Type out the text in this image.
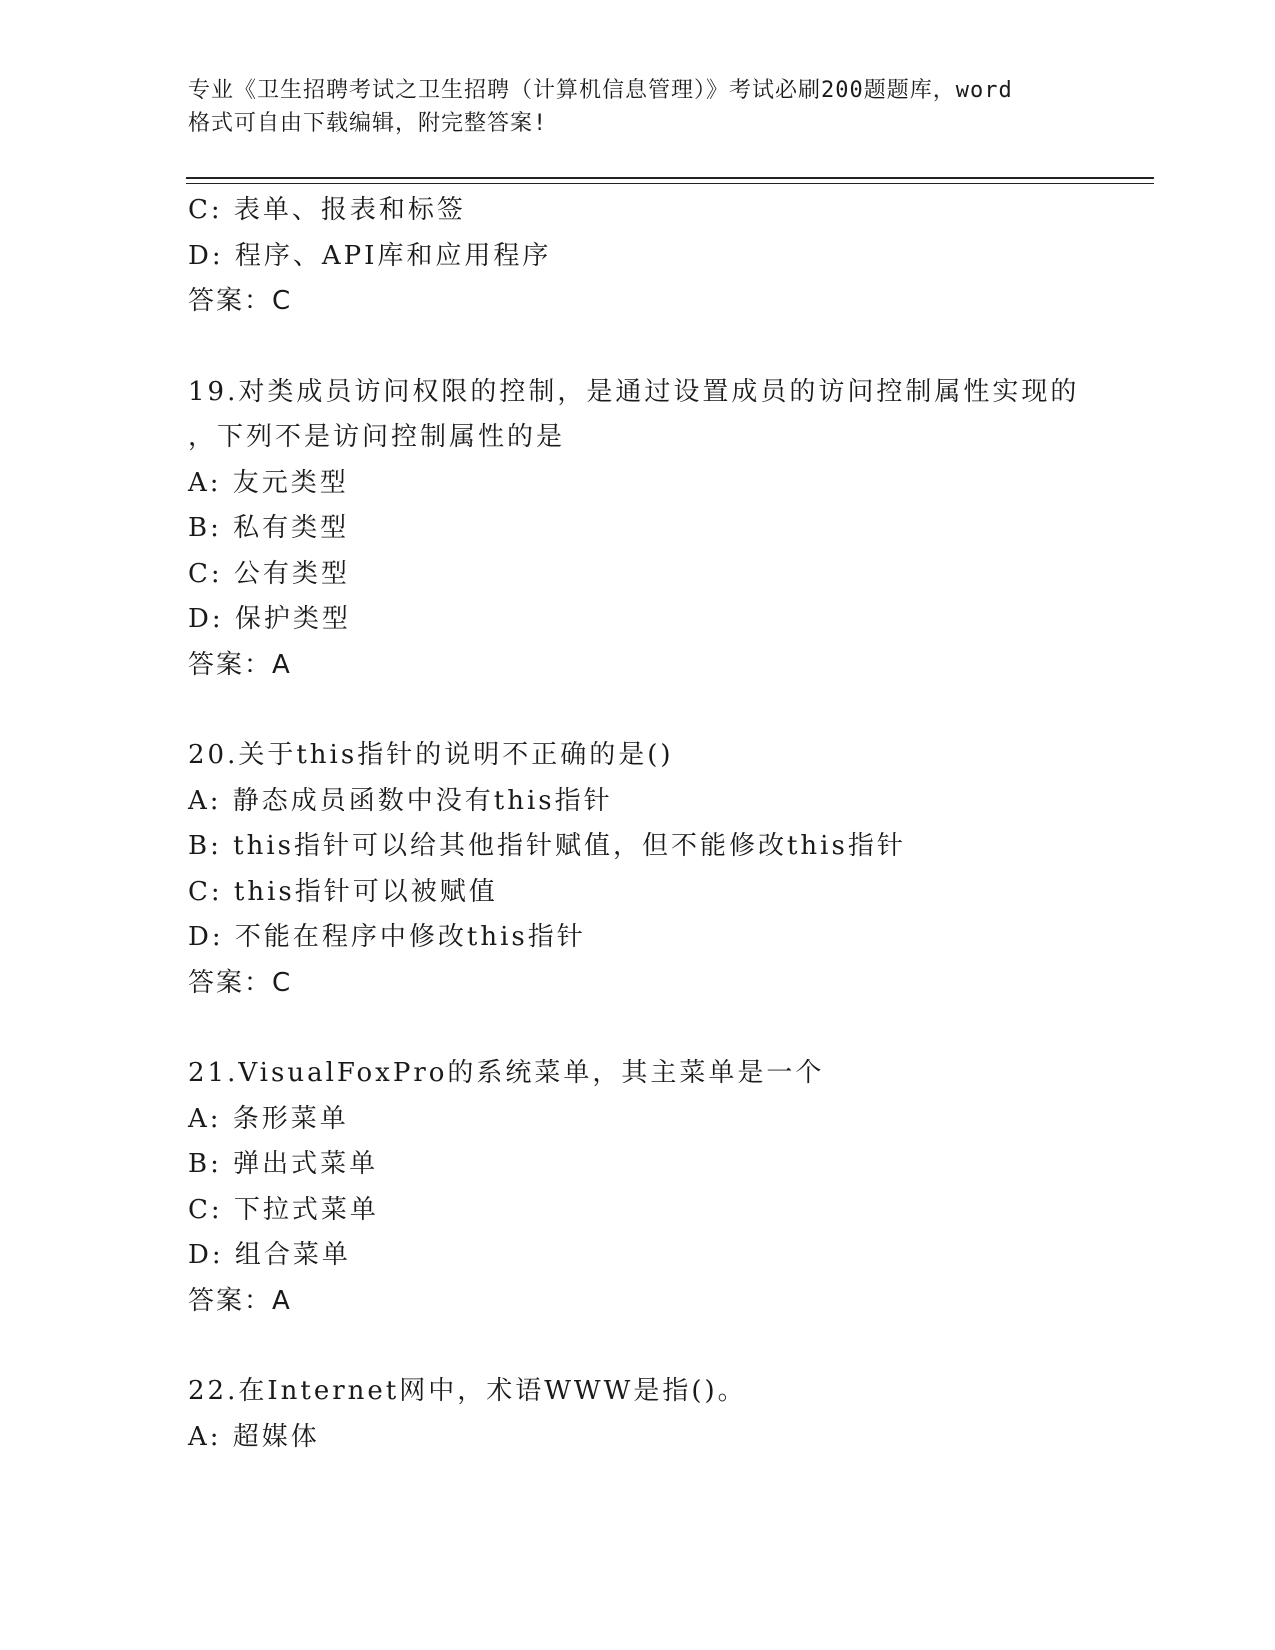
专业《卫生招聘考试之卫生招聘（计算机信息管理）》考试必刷200题题库，word
格式可自由下载编辑，附完整答案!
C: 表单、报表和标签
D: 程序、API库和应用程序
答案：C
19.对类成员访问权限的控制，是通过设置成员的访问控制属性实现的
，下列不是访问控制属性的是
A: 友元类型
B: 私有类型
C: 公有类型
D: 保护类型
答案：A
20.关于this指针的说明不正确的是()
A: 静态成员函数中没有this指针
B: this指针可以给其他指针赋值，但不能修改this指针
C: this指针可以被赋值
D: 不能在程序中修改this指针
答案：C
21.VisualFoxPro的系统菜单，其主菜单是一个
A: 条形菜单
B: 弹出式菜单
C: 下拉式菜单
D: 组合菜单
答案：A
22.在Internet网中，术语WWW是指()。
A: 超媒体
